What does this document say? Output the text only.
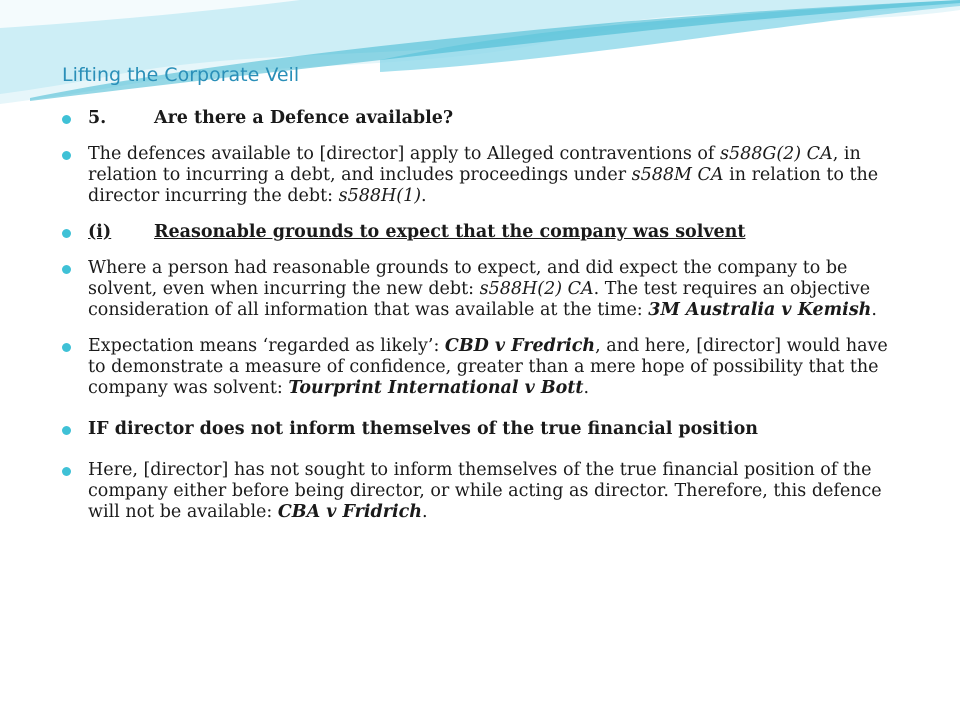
Lifting the Corporate Veil
5.	Are there a Defence available?
The defences available to [director] apply to Alleged contraventions of s588G(2) CA, in relation to incurring a debt, and includes proceedings under s588M CA in relation to the director incurring the debt: s588H(1).
(i) Reasonable grounds to expect that the company was solvent
Where a person had reasonable grounds to expect, and did expect the company to be solvent, even when incurring the new debt: s588H(2) CA. The test requires an objective consideration of all information that was available at the time: 3M Australia v Kemish.
Expectation means ‘regarded as likely’: CBD v Fredrich, and here, [director] would have to demonstrate a measure of confidence, greater than a mere hope of possibility that the company was solvent: Tourprint International v Bott.
IF director does not inform themselves of the true financial position
Here, [director] has not sought to inform themselves of the true financial position of the company either before being director, or while acting as director. Therefore, this defence will not be available: CBA v Fridrich.
